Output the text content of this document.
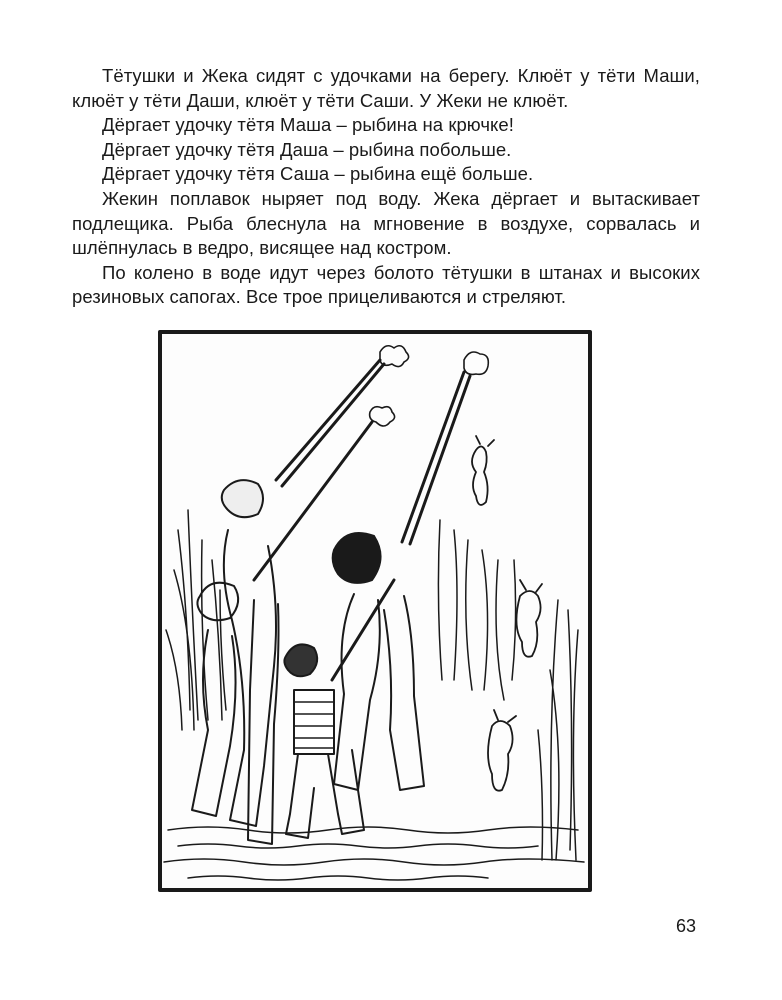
Тётушки и Жека сидят с удочками на берегу. Клюёт у тёти Маши, клюёт у тёти Даши, клюёт у тёти Саши. У Жеки не клюёт.

Дёргает удочку тётя Маша – рыбина на крючке!

Дёргает удочку тётя Даша – рыбина побольше.

Дёргает удочку тётя Саша – рыбина ещё больше.

Жекин поплавок ныряет под воду. Жека дёргает и вытаскивает подлещика. Рыба блеснула на мгновение в воздухе, сорвалась и шлёпнулась в ведро, висящее над костром.

По колено в воде идут через болото тётушки в штанах и высоких резиновых сапогах. Все трое прицеливаются и стреляют.

63
